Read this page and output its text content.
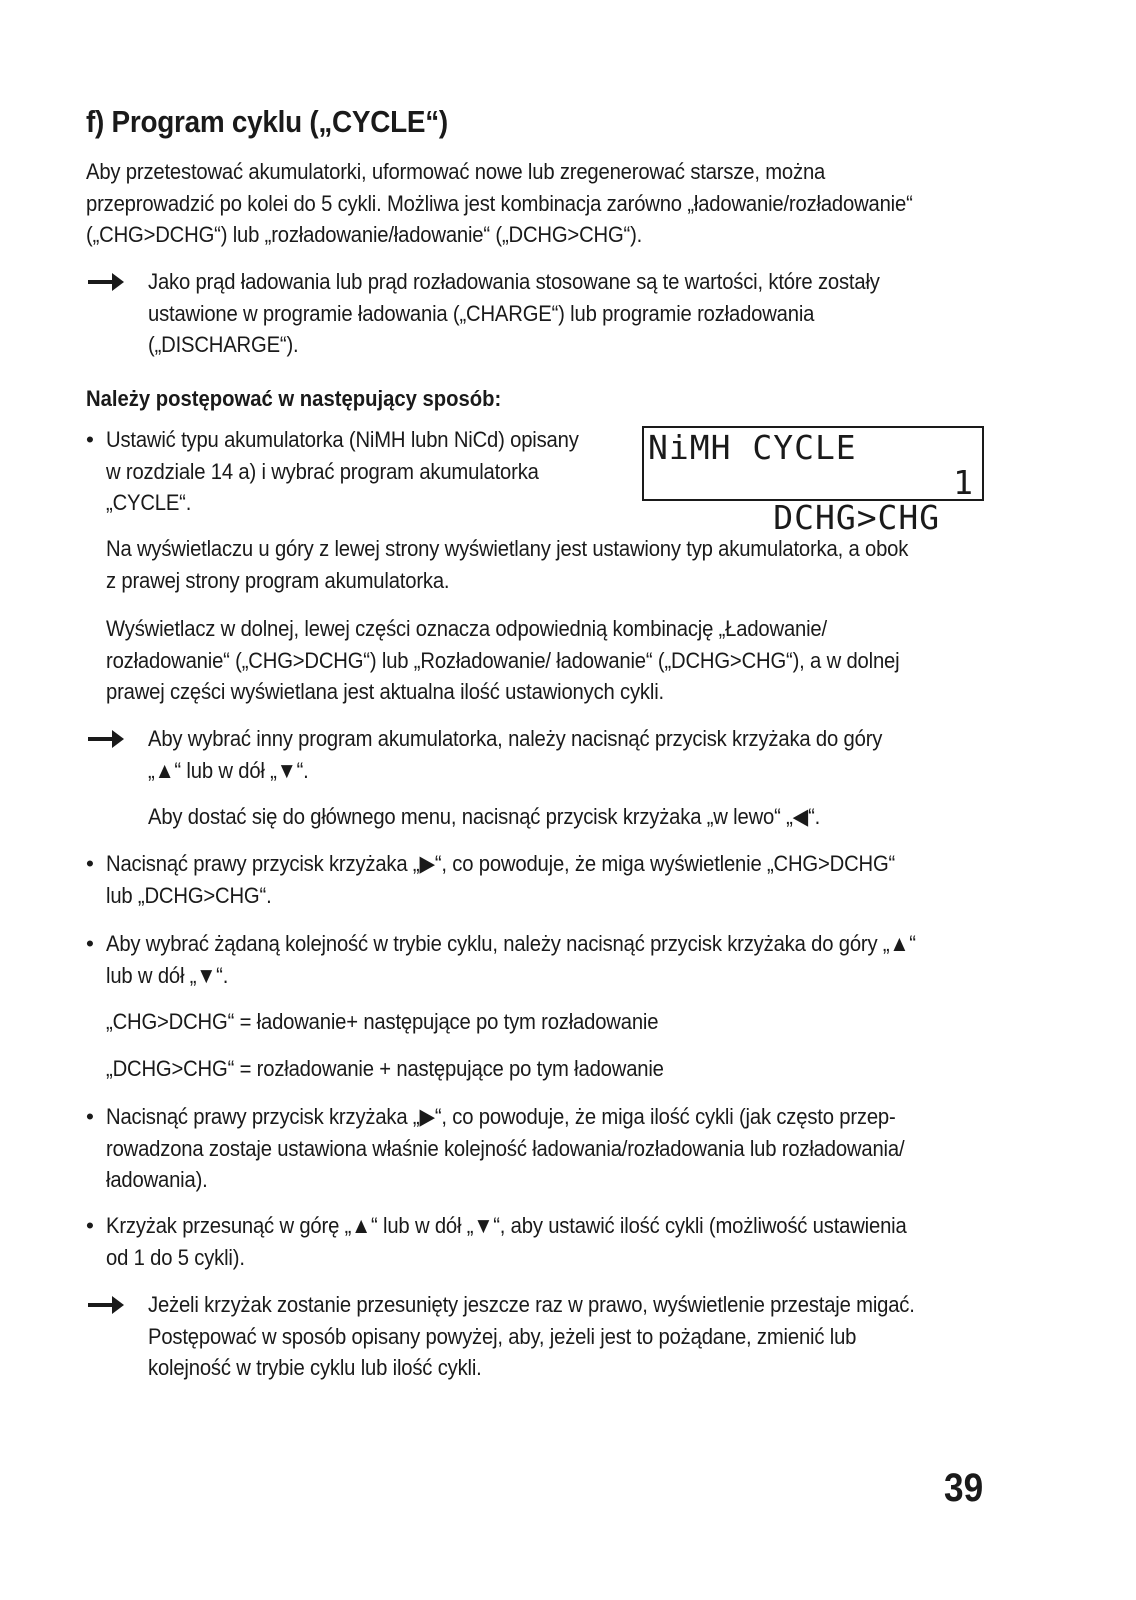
f) Program cyklu („CYCLE“)
Aby przetestować akumulatorki, uformować nowe lub zregenerować starsze, można
przeprowadzić po kolei do 5 cykli. Możliwa jest kombinacja zarówno „ładowanie/rozładowanie“
(„CHG>DCHG“) lub „rozładowanie/ładowanie“ („DCHG>CHG“).
Jako prąd ładowania lub prąd rozładowania stosowane są te wartości, które zostały
ustawione w programie ładowania („CHARGE“) lub programie rozładowania
(„DISCHARGE“).
Należy postępować w następujący sposób:
• Ustawić typu akumulatorka (NiMH lubn NiCd) opisany
w rozdziale 14 a) i wybrać program akumulatorka
„CYCLE“.
NiMH CYCLE

DCHG>CHG

1

Na wyświetlaczu u góry z lewej strony wyświetlany jest ustawiony typ akumulatorka, a obok
z prawej strony program akumulatorka.
Wyświetlacz w dolnej, lewej części oznacza odpowiednią kombinację „Ładowanie/
rozładowanie“ („CHG>DCHG“) lub „Rozładowanie/ ładowanie“ („DCHG>CHG“), a w dolnej
prawej części wyświetlana jest aktualna ilość ustawionych cykli.
Aby wybrać inny program akumulatorka, należy nacisnąć przycisk krzyżaka do góry
„▲“ lub w dół „▼“.
Aby dostać się do głównego menu, nacisnąć przycisk krzyżaka „w lewo“ „◀“.
• Nacisnąć prawy przycisk krzyżaka „▶“, co powoduje, że miga wyświetlenie „CHG>DCHG“
lub „DCHG>CHG“.
• Aby wybrać żądaną kolejność w trybie cyklu, należy nacisnąć przycisk krzyżaka do góry „▲“
lub w dół „▼“.
„CHG>DCHG“ = ładowanie+ następujące po tym rozładowanie
„DCHG>CHG“ = rozładowanie + następujące po tym ładowanie
• Nacisnąć prawy przycisk krzyżaka „▶“, co powoduje, że miga ilość cykli (jak często przep-
rowadzona zostaje ustawiona właśnie kolejność ładowania/rozładowania lub rozładowania/
ładowania).
• Krzyżak przesunąć w górę „▲“ lub w dół „▼“, aby ustawić ilość cykli (możliwość ustawienia
od 1 do 5 cykli).
Jeżeli krzyżak zostanie przesunięty jeszcze raz w prawo, wyświetlenie przestaje migać.
Postępować w sposób opisany powyżej, aby, jeżeli jest to pożądane, zmienić lub
kolejność w trybie cyklu lub ilość cykli.
39
